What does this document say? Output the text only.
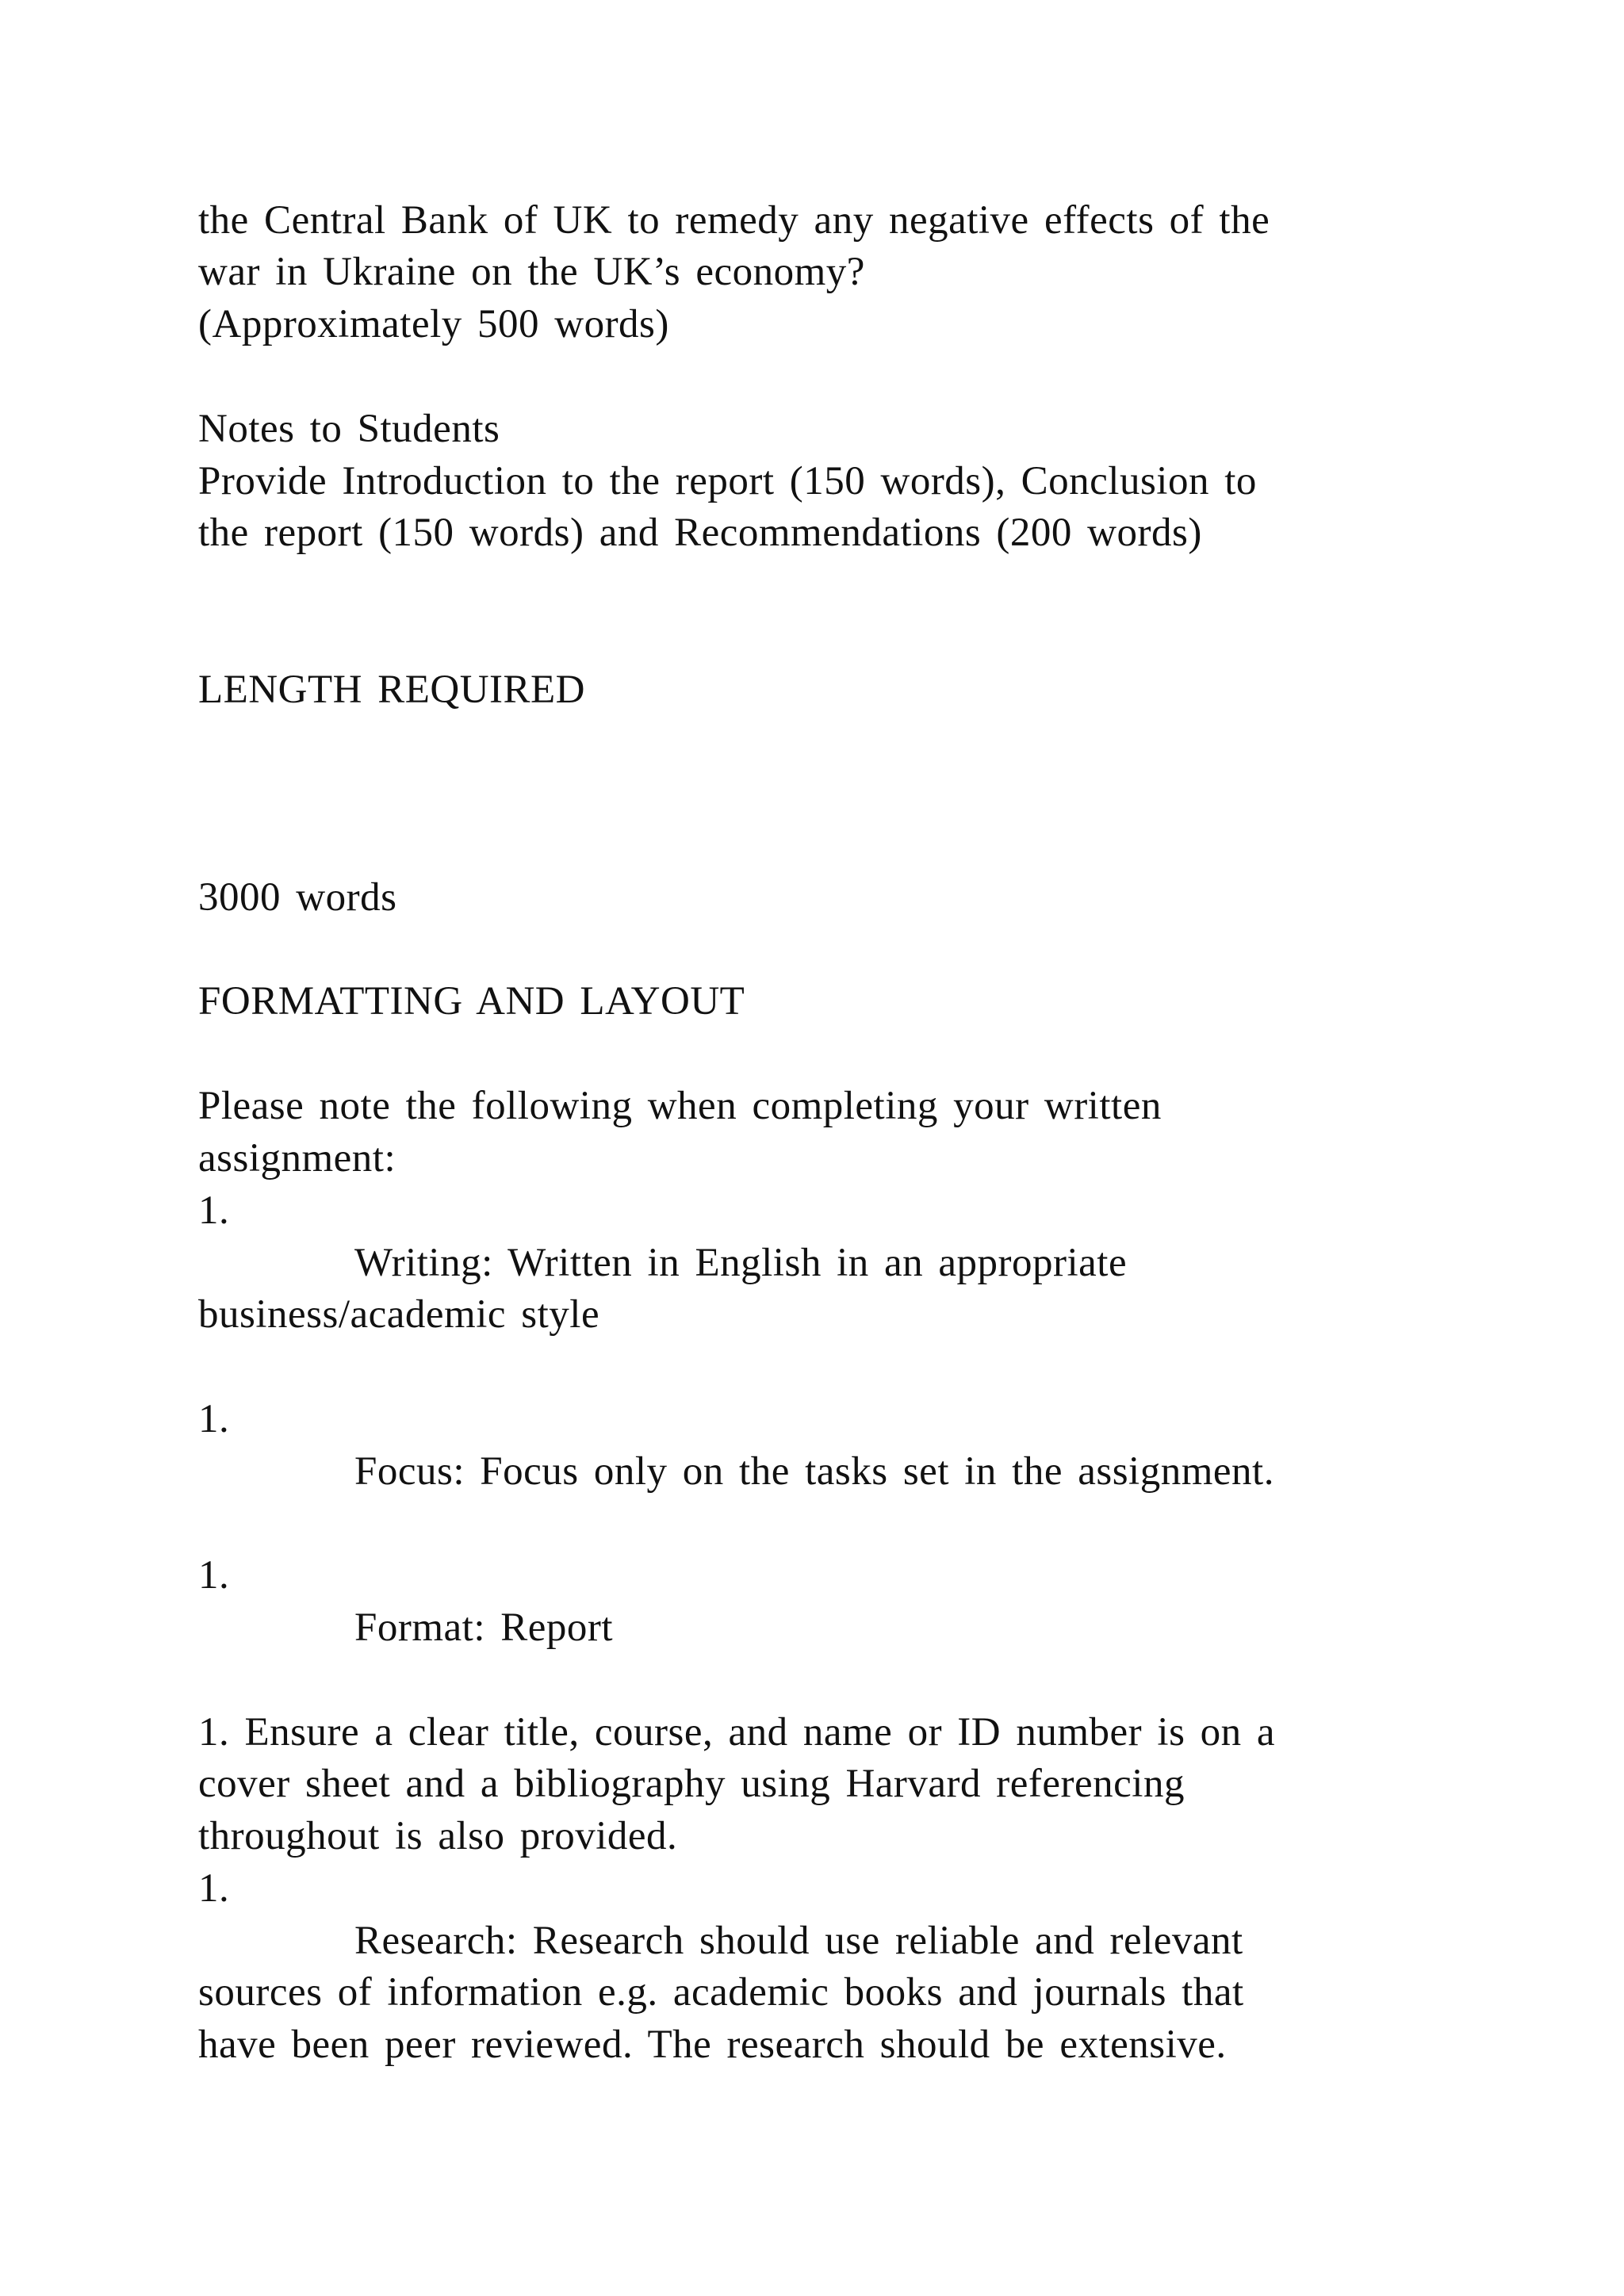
the Central Bank of UK to remedy any negative effects of the
war in Ukraine on the UK’s economy?
(Approximately 500 words)
Notes to Students
Provide Introduction to the report (150 words), Conclusion to
the report (150 words) and Recommendations (200 words)
LENGTH REQUIRED
3000 words
FORMATTING AND LAYOUT
Please note the following when completing your written
assignment:
1.
Writing: Written in English in an appropriate
business/academic style
1.
Focus: Focus only on the tasks set in the assignment.
1.
Format: Report
1. Ensure a clear title, course, and name or ID number is on a
cover sheet and a bibliography using Harvard referencing
throughout is also provided.
1.
Research: Research should use reliable and relevant
sources of information e.g. academic books and journals that
have been peer reviewed. The research should be extensive.
